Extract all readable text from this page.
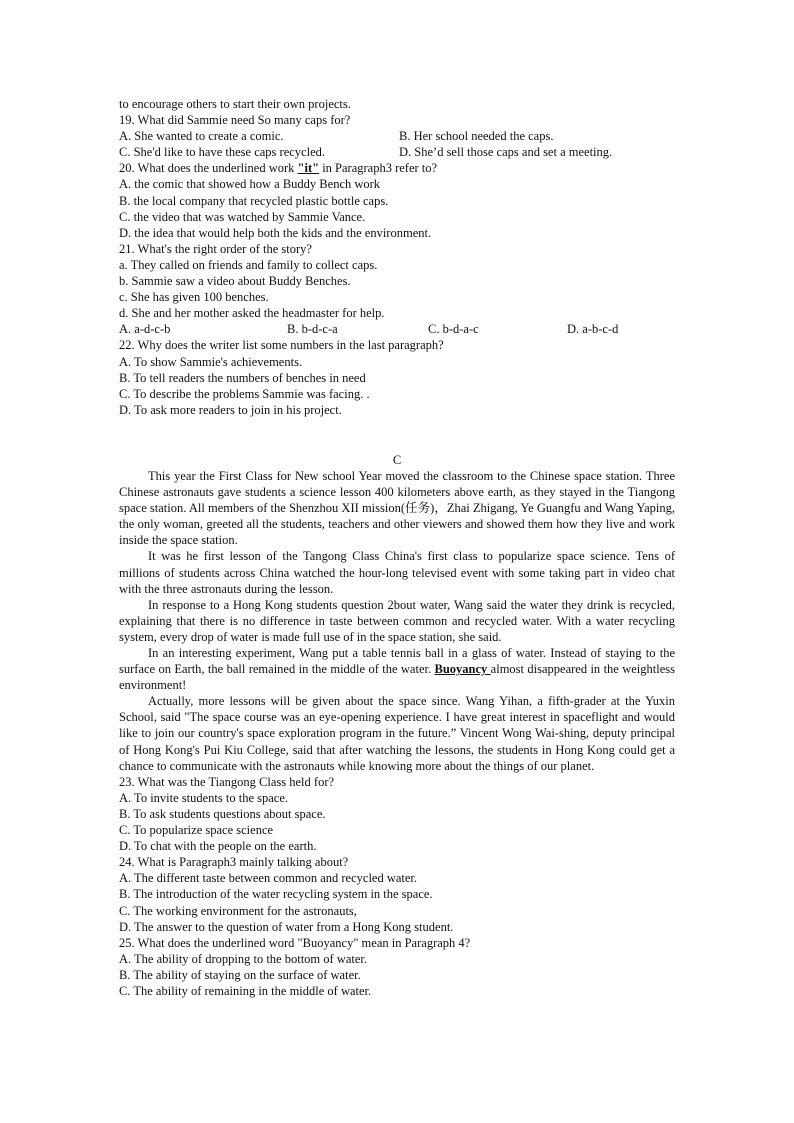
to encourage others to start their own projects.
19. What did Sammie need So many caps for?
A. She wanted to create a comic.	B. Her school needed the caps.
C. She'd like to have these caps recycled.	D. She’d sell those caps and set a meeting.
20. What does the underlined work "it" in Paragraph3 refer to?
A. the comic that showed how a Buddy Bench work
B. the local company that recycled plastic bottle caps.
C. the video that was watched by Sammie Vance.
D. the idea that would help both the kids and the environment.
21. What's the right order of the story?
a. They called on friends and family to collect caps.
b. Sammie saw a video about Buddy Benches.
c. She has given 100 benches.
d. She and her mother asked the headmaster for help.
A. a-d-c-b	B. b-d-c-a	C. b-d-a-c	D. a-b-c-d
22. Why does the writer list some numbers in the last paragraph?
A. To show Sammie's achievements.
B. To tell readers the numbers of benches in need
C. To describe the problems Sammie was facing. .
D. To ask more readers to join in his project.
C

This year the First Class for New school Year moved the classroom to the Chinese space station. Three Chinese astronauts gave students a science lesson 400 kilometers above earth, as they stayed in the Tiangong space station. All members of the Shenzhou XII mission(任务)，Zhai Zhigang, Ye Guangfu and Wang Yaping, the only woman, greeted all the students, teachers and other viewers and showed them how they live and work inside the space station.

It was he first lesson of the Tangong Class China's first class to popularize space science. Tens of millions of students across China watched the hour-long televised event with some taking part in video chat with the three astronauts during the lesson.

In response to a Hong Kong students question 2bout water, Wang said the water they drink is recycled, explaining that there is no difference in taste between common and recycled water. With a water recycling system, every drop of water is made full use of in the space station, she said.

In an interesting experiment, Wang put a table tennis ball in a glass of water. Instead of staying to the surface on Earth, the ball remained in the middle of the water. Buoyancy almost disappeared in the weightless environment!

Actually, more lessons will be given about the space since. Wang Yihan, a fifth-grader at the Yuxin School, said "The space course was an eye-opening experience. I have great interest in spaceflight and would like to join our country's space exploration program in the future.” Vincent Wong Wai-shing, deputy principal of Hong Kong's Pui Kiu College, said that after watching the lessons, the students in Hong Kong could get a chance to communicate with the astronauts while knowing more about the things of our planet.

23. What was the Tiangong Class held for?
A. To invite students to the space.
B. To ask students questions about space.
C. To popularize space science
D. To chat with the people on the earth.
24. What is Paragraph3 mainly talking about?
A. The different taste between common and recycled water.
B. The introduction of the water recycling system in the space.
C. The working environment for the astronauts,
D. The answer to the question of water from a Hong Kong student.
25. What does the underlined word "Buoyancy" mean in Paragraph 4?
A. The ability of dropping to the bottom of water.
B. The ability of staying on the surface of water.
C. The ability of remaining in the middle of water.
